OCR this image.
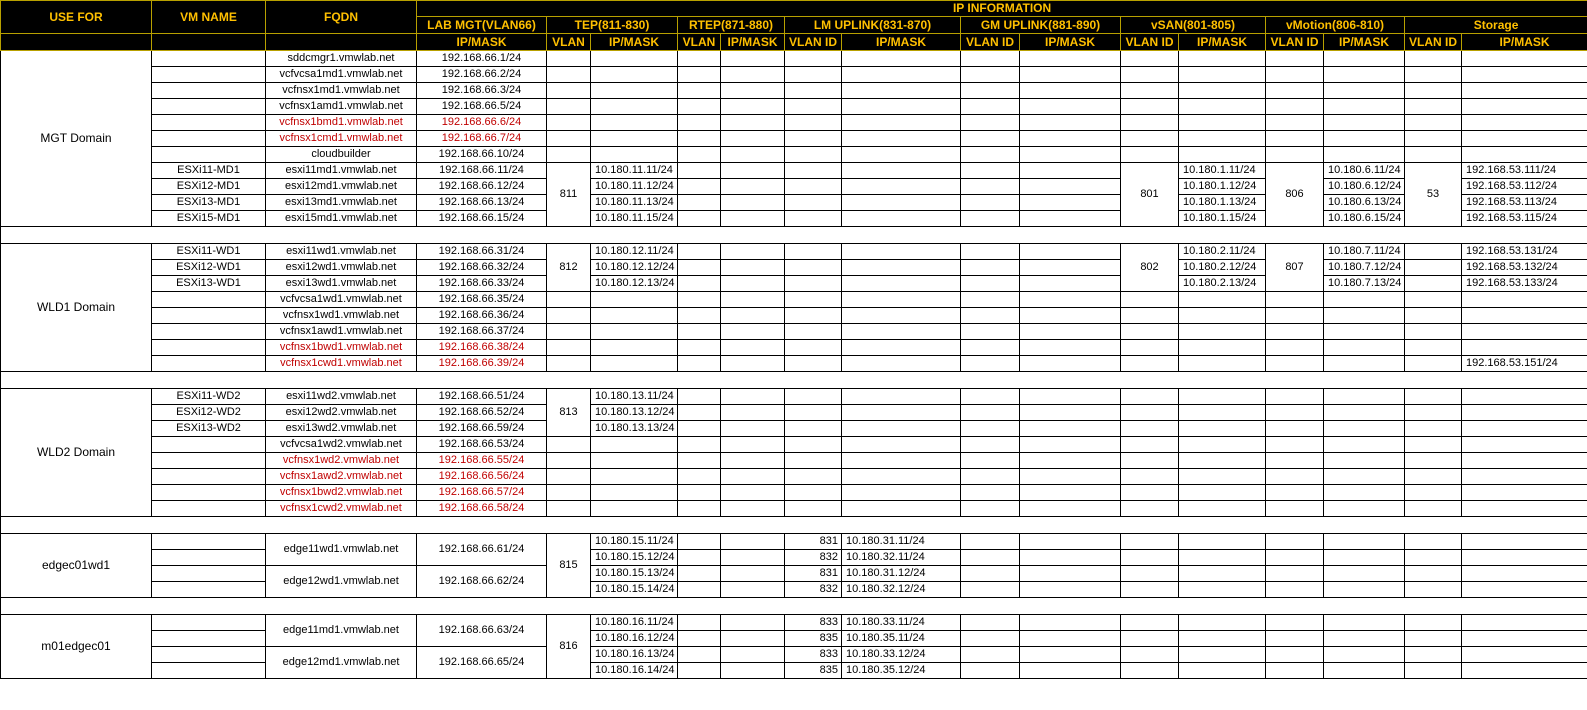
USE FOR	VM NAME	FQDN	IP INFORMATION														
			LAB MGT(VLAN66)	TEP(811-830)		RTEP(871-880)		LM UPLINK(831-870)		GM UPLINK(881-890)		vSAN(801-805)		vMotion(806-810)		Storage	
			IP/MASK	VLAN	IP/MASK	VLAN	IP/MASK	VLAN ID	IP/MASK	VLAN ID	IP/MASK	VLAN ID	IP/MASK	VLAN ID	IP/MASK	VLAN ID	IP/MASK
MGT Domain		sddcmgr1.vmwlab.net	192.168.66.1/24														
		vcfvcsa1md1.vmwlab.net	192.168.66.2/24														
		vcfnsx1md1.vmwlab.net	192.168.66.3/24														
		vcfnsx1amd1.vmwlab.net	192.168.66.5/24														
		vcfnsx1bmd1.vmwlab.net	192.168.66.6/24														
		vcfnsx1cmd1.vmwlab.net	192.168.66.7/24														
		cloudbuilder	192.168.66.10/24														
	ESXi11-MD1	esxi11md1.vmwlab.net	192.168.66.11/24	811	10.180.11.11/24							801	10.180.1.11/24	806	10.180.6.11/24	53	192.168.53.111/24
	ESXi12-MD1	esxi12md1.vmwlab.net	192.168.66.12/24		10.180.11.12/24								10.180.1.12/24		10.180.6.12/24		192.168.53.112/24
	ESXi13-MD1	esxi13md1.vmwlab.net	192.168.66.13/24		10.180.11.13/24								10.180.1.13/24		10.180.6.13/24		192.168.53.113/24
	ESXi15-MD1	esxi15md1.vmwlab.net	192.168.66.15/24		10.180.11.15/24								10.180.1.15/24		10.180.6.15/24		192.168.53.115/24

WLD1 Domain	ESXi11-WD1	esxi11wd1.vmwlab.net	192.168.66.31/24	812	10.180.12.11/24							802	10.180.2.11/24	807	10.180.7.11/24		192.168.53.131/24
	ESXi12-WD1	esxi12wd1.vmwlab.net	192.168.66.32/24		10.180.12.12/24								10.180.2.12/24		10.180.7.12/24		192.168.53.132/24
	ESXi13-WD1	esxi13wd1.vmwlab.net	192.168.66.33/24		10.180.12.13/24								10.180.2.13/24		10.180.7.13/24		192.168.53.133/24
		vcfvcsa1wd1.vmwlab.net	192.168.66.35/24														
		vcfnsx1wd1.vmwlab.net	192.168.66.36/24														
		vcfnsx1awd1.vmwlab.net	192.168.66.37/24														
		vcfnsx1bwd1.vmwlab.net	192.168.66.38/24														
		vcfnsx1cwd1.vmwlab.net	192.168.66.39/24														192.168.53.151/24

WLD2 Domain	ESXi11-WD2	esxi11wd2.vmwlab.net	192.168.66.51/24	813	10.180.13.11/24												
	ESXi12-WD2	esxi12wd2.vmwlab.net	192.168.66.52/24		10.180.13.12/24												
	ESXi13-WD2	esxi13wd2.vmwlab.net	192.168.66.59/24		10.180.13.13/24												
		vcfvcsa1wd2.vmwlab.net	192.168.66.53/24														
		vcfnsx1wd2.vmwlab.net	192.168.66.55/24														
		vcfnsx1awd2.vmwlab.net	192.168.66.56/24														
		vcfnsx1bwd2.vmwlab.net	192.168.66.57/24														
		vcfnsx1cwd2.vmwlab.net	192.168.66.58/24														

edgec01wd1		edge11wd1.vmwlab.net	192.168.66.61/24	815	10.180.15.11/24			831	10.180.31.11/24								
					10.180.15.12/24			832	10.180.32.11/24								
		edge12wd1.vmwlab.net	192.168.66.62/24		10.180.15.13/24			831	10.180.31.12/24								
					10.180.15.14/24			832	10.180.32.12/24								

m01edgec01		edge11md1.vmwlab.net	192.168.66.63/24	816	10.180.16.11/24			833	10.180.33.11/24								
					10.180.16.12/24			835	10.180.35.11/24								
		edge12md1.vmwlab.net	192.168.66.65/24		10.180.16.13/24			833	10.180.33.12/24								
					10.180.16.14/24			835	10.180.35.12/24								
